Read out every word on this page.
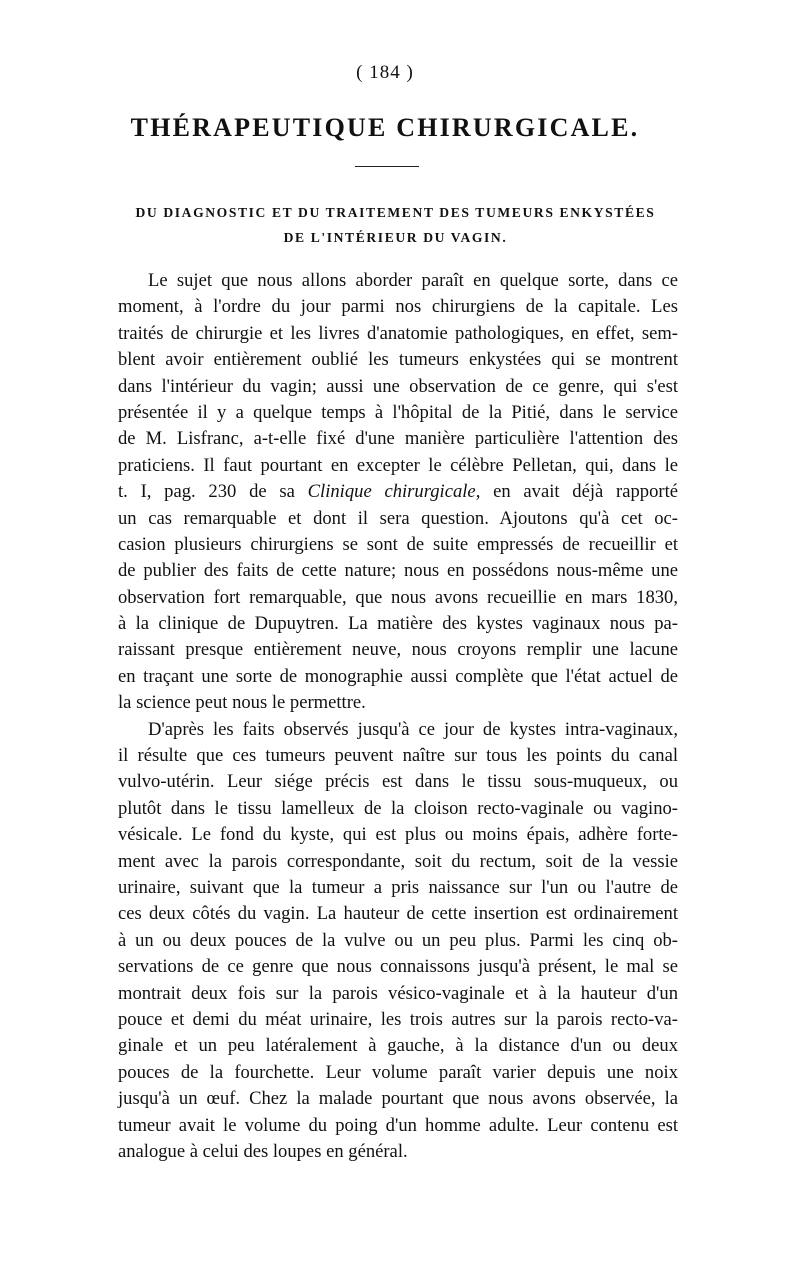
( 184 )
THÉRAPEUTIQUE CHIRURGICALE.
DU DIAGNOSTIC ET DU TRAITEMENT DES TUMEURS ENKYSTÉES
DE L'INTÉRIEUR DU VAGIN.
Le sujet que nous allons aborder paraît en quelque sorte, dans ce
moment, à l'ordre du jour parmi nos chirurgiens de la capitale. Les
traités de chirurgie et les livres d'anatomie pathologiques, en effet, sem-
blent avoir entièrement oublié les tumeurs enkystées qui se montrent
dans l'intérieur du vagin; aussi une observation de ce genre, qui s'est
présentée il y a quelque temps à l'hôpital de la Pitié, dans le service
de M. Lisfranc, a-t-elle fixé d'une manière particulière l'attention des
praticiens. Il faut pourtant en excepter le célèbre Pelletan, qui, dans le
t. I, pag. 230 de sa Clinique chirurgicale, en avait déjà rapporté
un cas remarquable et dont il sera question. Ajoutons qu'à cet oc-
casion plusieurs chirurgiens se sont de suite empressés de recueillir et
de publier des faits de cette nature; nous en possédons nous-même une
observation fort remarquable, que nous avons recueillie en mars 1830,
à la clinique de Dupuytren. La matière des kystes vaginaux nous pa-
raissant presque entièrement neuve, nous croyons remplir une lacune
en traçant une sorte de monographie aussi complète que l'état actuel de
la science peut nous le permettre.
D'après les faits observés jusqu'à ce jour de kystes intra-vaginaux,
il résulte que ces tumeurs peuvent naître sur tous les points du canal
vulvo-utérin. Leur siége précis est dans le tissu sous-muqueux, ou
plutôt dans le tissu lamelleux de la cloison recto-vaginale ou vagino-
vésicale. Le fond du kyste, qui est plus ou moins épais, adhère forte-
ment avec la parois correspondante, soit du rectum, soit de la vessie
urinaire, suivant que la tumeur a pris naissance sur l'un ou l'autre de
ces deux côtés du vagin. La hauteur de cette insertion est ordinairement
à un ou deux pouces de la vulve ou un peu plus. Parmi les cinq ob-
servations de ce genre que nous connaissons jusqu'à présent, le mal se
montrait deux fois sur la parois vésico-vaginale et à la hauteur d'un
pouce et demi du méat urinaire, les trois autres sur la parois recto-va-
ginale et un peu latéralement à gauche, à la distance d'un ou deux
pouces de la fourchette. Leur volume paraît varier depuis une noix
jusqu'à un œuf. Chez la malade pourtant que nous avons observée, la
tumeur avait le volume du poing d'un homme adulte. Leur contenu est
analogue à celui des loupes en général.
